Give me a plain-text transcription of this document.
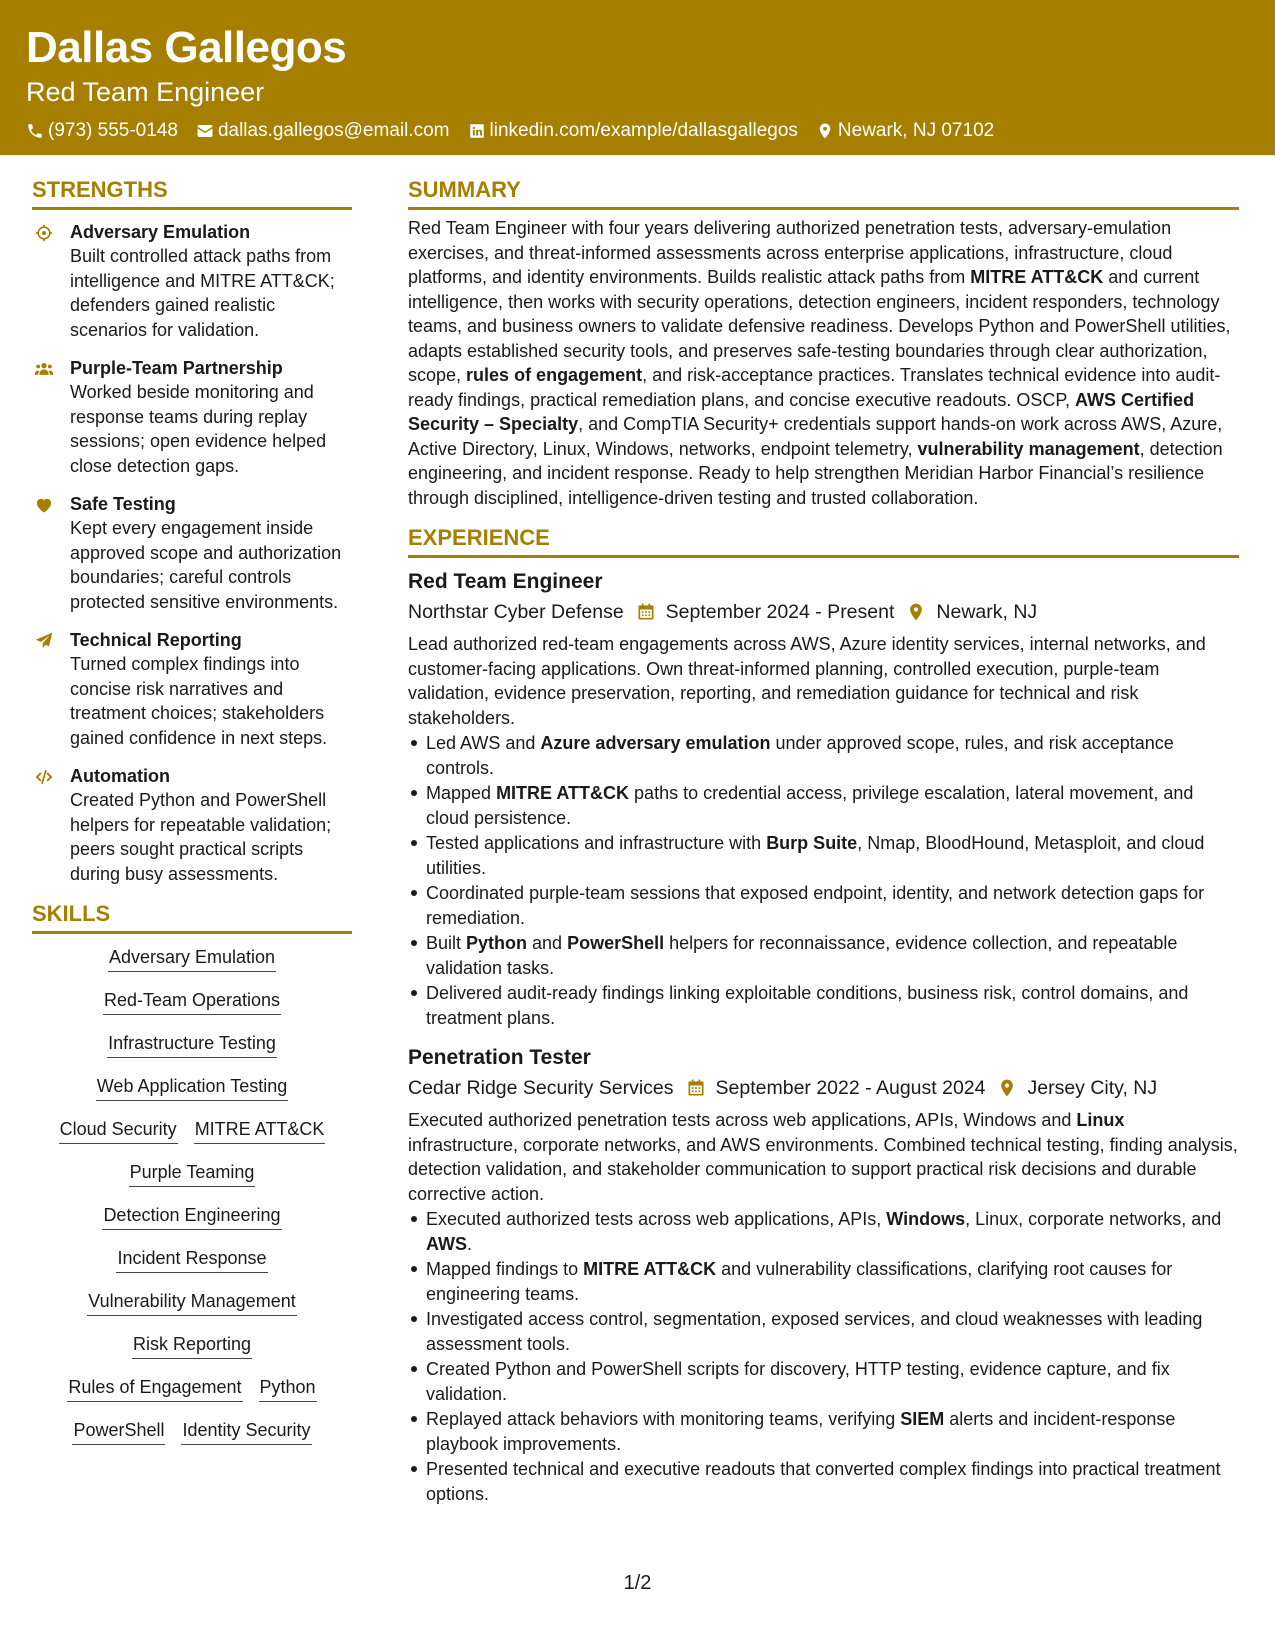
Dallas Gallegos
Red Team Engineer
(973) 555-0148 dallas.gallegos@email.com linkedin.com/example/dallasgallegos Newark, NJ 07102
STRENGTHS
Adversary Emulation
Built controlled attack paths from intelligence and MITRE ATT&CK; defenders gained realistic scenarios for validation.
Purple-Team Partnership
Worked beside monitoring and response teams during replay sessions; open evidence helped close detection gaps.
Safe Testing
Kept every engagement inside approved scope and authorization boundaries; careful controls protected sensitive environments.
Technical Reporting
Turned complex findings into concise risk narratives and treatment choices; stakeholders gained confidence in next steps.
Automation
Created Python and PowerShell helpers for repeatable validation; peers sought practical scripts during busy assessments.
SKILLS
Adversary Emulation
Red-Team Operations
Infrastructure Testing
Web Application Testing
Cloud Security MITRE ATT&CK
Purple Teaming
Detection Engineering
Incident Response
Vulnerability Management
Risk Reporting
Rules of Engagement Python
PowerShell Identity Security
SUMMARY
Red Team Engineer with four years delivering authorized penetration tests, adversary-emulation exercises, and threat-informed assessments across enterprise applications, infrastructure, cloud platforms, and identity environments. Builds realistic attack paths from MITRE ATT&CK and current intelligence, then works with security operations, detection engineers, incident responders, technology teams, and business owners to validate defensive readiness. Develops Python and PowerShell utilities, adapts established security tools, and preserves safe-testing boundaries through clear authorization, scope, rules of engagement, and risk-acceptance practices. Translates technical evidence into audit-ready findings, practical remediation plans, and concise executive readouts. OSCP, AWS Certified Security – Specialty, and CompTIA Security+ credentials support hands-on work across AWS, Azure, Active Directory, Linux, Windows, networks, endpoint telemetry, vulnerability management, detection engineering, and incident response. Ready to help strengthen Meridian Harbor Financial’s resilience through disciplined, intelligence-driven testing and trusted collaboration.
EXPERIENCE
Red Team Engineer
Northstar Cyber Defense September 2024 - Present Newark, NJ
Lead authorized red-team engagements across AWS, Azure identity services, internal networks, and customer-facing applications. Own threat-informed planning, controlled execution, purple-team validation, evidence preservation, reporting, and remediation guidance for technical and risk stakeholders.
Led AWS and Azure adversary emulation under approved scope, rules, and risk acceptance controls.
Mapped MITRE ATT&CK paths to credential access, privilege escalation, lateral movement, and cloud persistence.
Tested applications and infrastructure with Burp Suite, Nmap, BloodHound, Metasploit, and cloud utilities.
Coordinated purple-team sessions that exposed endpoint, identity, and network detection gaps for remediation.
Built Python and PowerShell helpers for reconnaissance, evidence collection, and repeatable validation tasks.
Delivered audit-ready findings linking exploitable conditions, business risk, control domains, and treatment plans.
Penetration Tester
Cedar Ridge Security Services September 2022 - August 2024 Jersey City, NJ
Executed authorized penetration tests across web applications, APIs, Windows and Linux infrastructure, corporate networks, and AWS environments. Combined technical testing, finding analysis, detection validation, and stakeholder communication to support practical risk decisions and durable corrective action.
Executed authorized tests across web applications, APIs, Windows, Linux, corporate networks, and AWS.
Mapped findings to MITRE ATT&CK and vulnerability classifications, clarifying root causes for engineering teams.
Investigated access control, segmentation, exposed services, and cloud weaknesses with leading assessment tools.
Created Python and PowerShell scripts for discovery, HTTP testing, evidence capture, and fix validation.
Replayed attack behaviors with monitoring teams, verifying SIEM alerts and incident-response playbook improvements.
Presented technical and executive readouts that converted complex findings into practical treatment options.
1/2
